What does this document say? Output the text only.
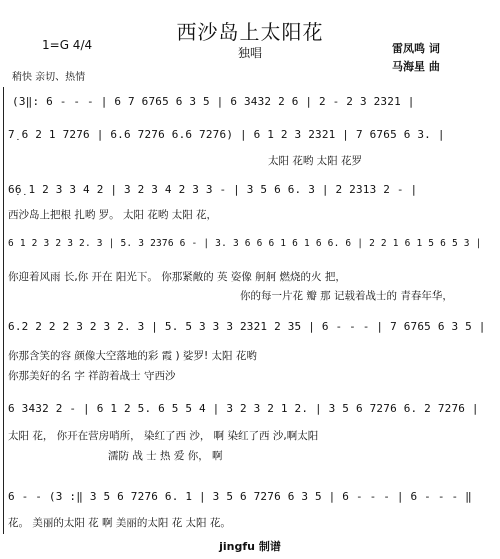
西沙岛上太阳花
独唱
1=G 4/4	雷凤鸣 词
马海星 曲
稍快 亲切、热情
(3‖: 6 - - - | 6 7 6765 6 3 5 | 6 3432 2 6 | 2 - 2 3 2321 |
7̣ 6 2 1 7276 | 6.6 7276 6.6 7276) | 6 1 2 3 2321 | 7 6765 6 3. |
太阳 花哟 太阳 花罗
6̣6̣ 1 2 3 3 4 2 | 3 2 3 4 2 3 3 - | 3 5 6 6. 3 | 2 2313 2 - |
西沙岛上把根 扎哟 罗。 太阳 花哟 太阳 花，
6 1 2 3 2 3 2. 3 | 5. 3 2376 6 - | 3. 3 6 6 6 1 6 1 6 6. 6 | 2 2 1 6 1 5 6 5 3 |
你迎着风雨 长,你 开在 阳光下。 你那紧敞的 英 姿像 舸舸 燃烧的火 把，
你的每一片花 瓣 那 记载着战士的 青春年华，
6.2 2 2 2 3 2 3 2. 3 | 5. 5 3 3 3 2321 2 35 | 6 - - - | 7 6765 6 3 5 |
你那含笑的容 颜像大空落地的彩 霞 ) 娑罗! 太阳 花哟
你那美好的名 字 祥韵着战士 守西沙
6 3432 2 - | 6 1 2 5. 6 5 5 4 | 3 2 3 2 1 2. | 3 5 6 7276 6. 2 7276 |
太阳 花， 你开在营房哨所， 染红了西 沙， 啊 染红了西 沙,啊太阳
濡防 战 士 热 爱 你， 啊
6 - - (3 :‖ 3 5 6 7276 6. 1 | 3 5 6 7276 6 3 5 | 6 - - - | 6 - - - ‖
花。 美丽的太阳 花 啊 美丽的太阳 花 太阳 花。
jingfu 制谱
